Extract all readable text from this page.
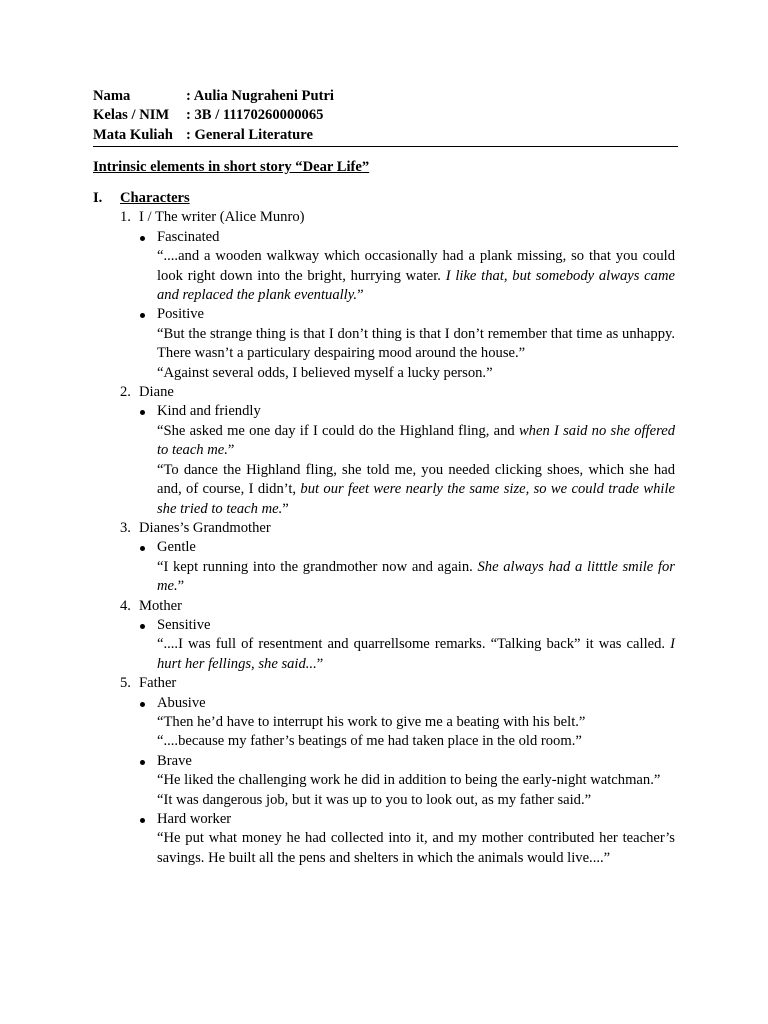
Nama	: Aulia Nugraheni Putri
Kelas / NIM	: 3B / 11170260000065
Mata Kuliah : General Literature
Intrinsic elements in short story “Dear Life”
I.	Characters
1. I / The writer (Alice Munro)
Fascinated
“....and a wooden walkway which occasionally had a plank missing, so that you could look right down into the bright, hurrying water. I like that, but somebody always came and replaced the plank eventually.”
Positive
“But the strange thing is that I don’t thing is that I don’t remember that time as unhappy. There wasn’t a particulary despairing mood around the house.”
“Against several odds, I believed myself a lucky person.”
2. Diane
Kind and friendly
“She asked me one day if I could do the Highland fling, and when I said no she offered to teach me.”
“To dance the Highland fling, she told me, you needed clicking shoes, which she had and, of course, I didn’t, but our feet were nearly the same size, so we could trade while she tried to teach me.”
3. Dianes’s Grandmother
Gentle
“I kept running into the grandmother now and again. She always had a litttle smile for me.”
4. Mother
Sensitive
“....I was full of resentment and quarrellsome remarks. “Talking back” it was called. I hurt her fellings, she said...”
5. Father
Abusive
“Then he’d have to interrupt his work to give me a beating with his belt.”
“....because my father’s beatings of me had taken place in the old room.”
Brave
“He liked the challenging work he did in addition to being the early-night watchman.”
“It was dangerous job, but it was up to you to look out, as my father said.”
Hard worker
“He put what money he had collected into it, and my mother contributed her teacher’s savings. He built all the pens and shelters in which the animals would live....”
